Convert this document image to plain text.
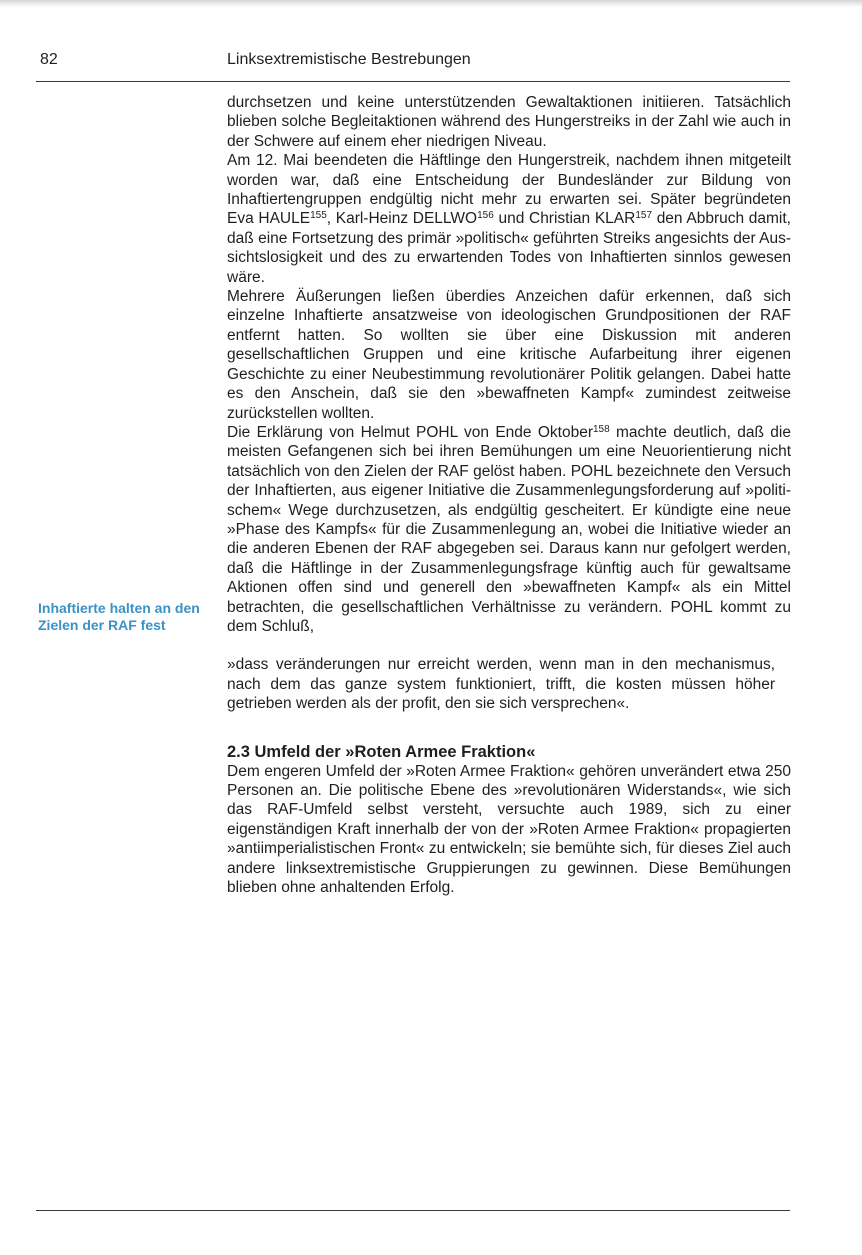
82	Linksextremistische Bestrebungen
Inhaftierte halten an den Zielen der RAF fest

durchsetzen und keine unterstützenden Gewaltaktionen initiieren. Tatsächlich blieben solche Begleitaktionen während des Hungerstreiks in der Zahl wie auch in der Schwere auf einem eher niedrigen Niveau.

Am 12. Mai beendeten die Häftlinge den Hungerstreik, nachdem ihnen mitgeteilt worden war, daß eine Entscheidung der Bundesländer zur Bildung von Inhaftiertengruppen endgültig nicht mehr zu erwarten sei. Später begründeten Eva HAULE$^{155}$, Karl-Heinz DELLWO$^{156}$ und Christian KLAR$^{157}$ den Abbruch damit, daß eine Fortsetzung des primär »politisch« geführten Streiks angesichts der Aussichtslosigkeit und des zu erwartenden Todes von Inhaftierten sinnlos gewesen wäre.

Mehrere Äußerungen ließen überdies Anzeichen dafür erkennen, daß sich einzelne Inhaftierte ansatzweise von ideologischen Grundpositionen der RAF entfernt hatten. So wollten sie über eine Diskussion mit anderen gesellschaftlichen Gruppen und eine kritische Aufarbeitung ihrer eigenen Geschichte zu einer Neubestimmung revolutionärer Politik gelangen. Dabei hatte es den Anschein, daß sie den »bewaffneten Kampf« zumindest zeitweise zurückstellen wollten.

Die Erklärung von Helmut POHL von Ende Oktober$^{158}$ machte deutlich, daß die meisten Gefangenen sich bei ihren Bemühungen um eine Neuorientierung nicht tatsächlich von den Zielen der RAF gelöst haben. POHL bezeichnete den Versuch der Inhaftierten, aus eigener Initiative die Zusammenlegungsforderung auf »politischem« Wege durchzusetzen, als endgültig gescheitert. Er kündigte eine neue »Phase des Kampfs« für die Zusammenlegung an, wobei die Initiative wieder an die anderen Ebenen der RAF abgegeben sei. Daraus kann nur gefolgert werden, daß die Häftlinge in der Zusammenlegungsfrage künftig auch für gewaltsame Aktionen offen sind und generell den »bewaffneten Kampf« als ein Mittel betrachten, die gesellschaftlichen Verhältnisse zu verändern. POHL kommt zu dem Schluß,

»dass veränderungen nur erreicht werden, wenn man in den mechanismus, nach dem das ganze system funktioniert, trifft, die kosten müssen höher getrieben werden als der profit, den sie sich versprechen«.

2.3 Umfeld der »Roten Armee Fraktion«

Dem engeren Umfeld der »Roten Armee Fraktion« gehören unverändert etwa 250 Personen an. Die politische Ebene des »revolutionären Widerstands«, wie sich das RAF-Umfeld selbst versteht, versuchte auch 1989, sich zu einer eigenständigen Kraft innerhalb der von der »Roten Armee Fraktion« propagierten »antiimperialistischen Front« zu entwickeln; sie bemühte sich, für dieses Ziel auch andere linksextremistische Gruppierungen zu gewinnen. Diese Bemühungen blieben ohne anhaltenden Erfolg.
